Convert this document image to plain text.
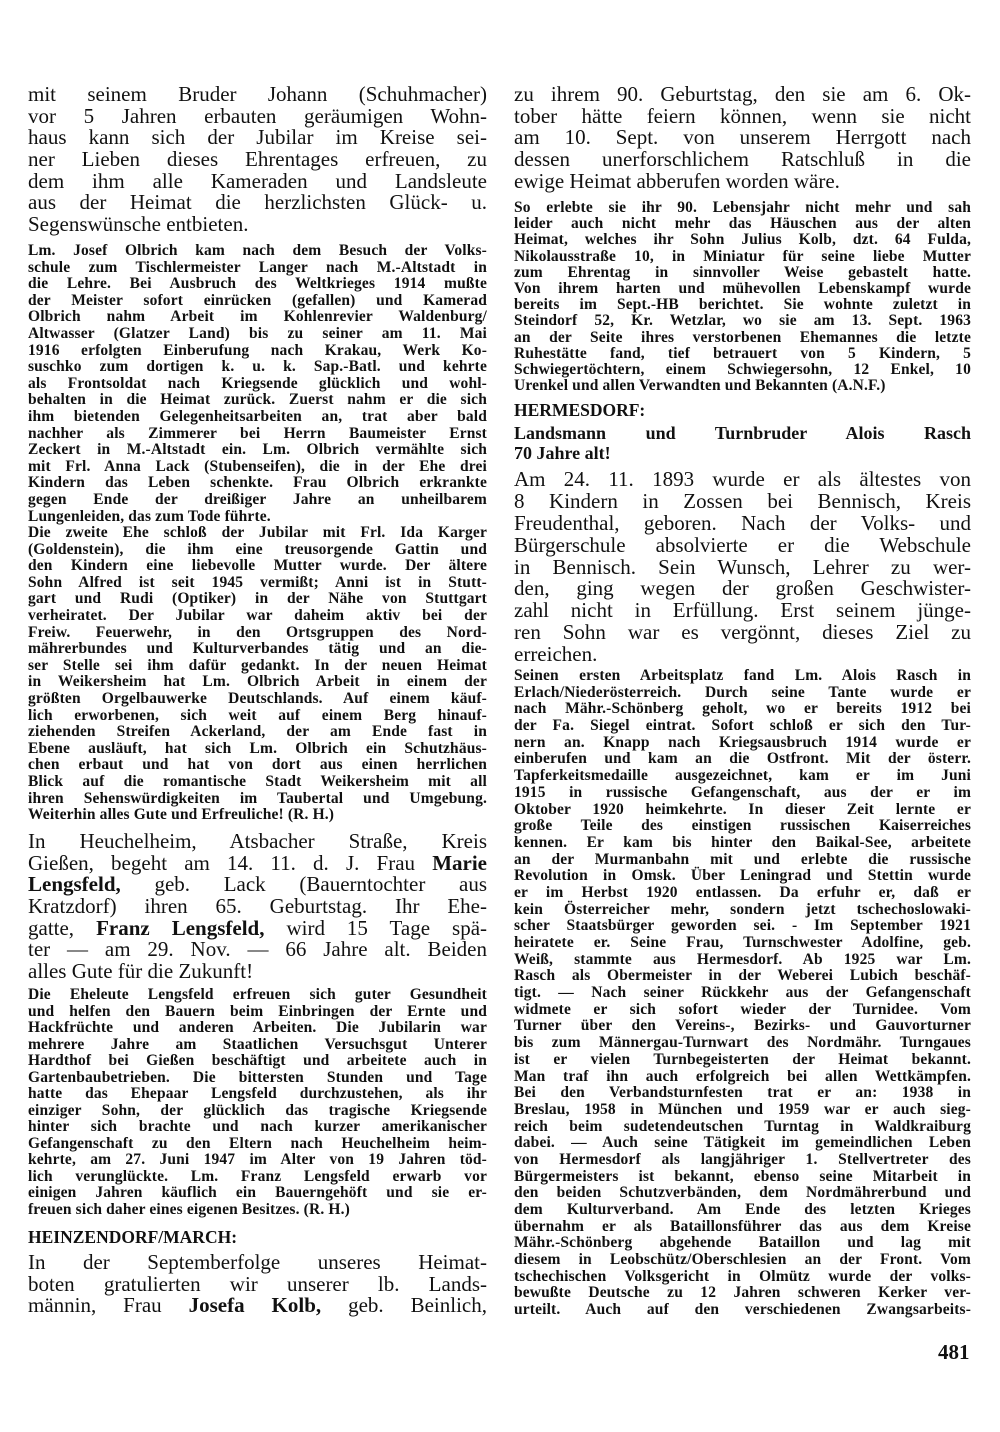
mit seinem Bruder Johann (Schuhmacher)
vor 5 Jahren erbauten geräumigen Wohn-
haus kann sich der Jubilar im Kreise sei-
ner Lieben dieses Ehrentages erfreuen, zu
dem ihm alle Kameraden und Landsleute
aus der Heimat die herzlichsten Glück- u.
Segenswünsche entbieten.
Lm. Josef Olbrich kam nach dem Besuch der Volks-
schule zum Tischlermeister Langer nach M.-Altstadt in
die Lehre. Bei Ausbruch des Weltkrieges 1914 mußte
der Meister sofort einrücken (gefallen) und Kamerad
Olbrich nahm Arbeit im Kohlenrevier Waldenburg/
Altwasser (Glatzer Land) bis zu seiner am 11. Mai
1916 erfolgten Einberufung nach Krakau, Werk Ko-
suschko zum dortigen k. u. k. Sap.-Batl. und kehrte
als Frontsoldat nach Kriegsende glücklich und wohl-
behalten in die Heimat zurück. Zuerst nahm er die sich
ihm bietenden Gelegenheitsarbeiten an, trat aber bald
nachher als Zimmerer bei Herrn Baumeister Ernst
Zeckert in M.-Altstadt ein. Lm. Olbrich vermählte sich
mit Frl. Anna Lack (Stubenseifen), die in der Ehe drei
Kindern das Leben schenkte. Frau Olbrich erkrankte
gegen Ende der dreißiger Jahre an unheilbarem
Lungenleiden, das zum Tode führte.
Die zweite Ehe schloß der Jubilar mit Frl. Ida Karger
(Goldenstein), die ihm eine treusorgende Gattin und
den Kindern eine liebevolle Mutter wurde. Der ältere
Sohn Alfred ist seit 1945 vermißt; Anni ist in Stutt-
gart und Rudi (Optiker) in der Nähe von Stuttgart
verheiratet. Der Jubilar war daheim aktiv bei der
Freiw. Feuerwehr, in den Ortsgruppen des Nord-
mährerbundes und Kulturverbandes tätig und an die-
ser Stelle sei ihm dafür gedankt. In der neuen Heimat
in Weikersheim hat Lm. Olbrich Arbeit in einem der
größten Orgelbauwerke Deutschlands. Auf einem käuf-
lich erworbenen, sich weit auf einem Berg hinauf-
ziehenden Streifen Ackerland, der am Ende fast in
Ebene ausläuft, hat sich Lm. Olbrich ein Schutzhäus-
chen erbaut und hat von dort aus einen herrlichen
Blick auf die romantische Stadt Weikersheim mit all
ihren Sehenswürdigkeiten im Taubertal und Umgebung.
Weiterhin alles Gute und Erfreuliche! (R. H.)
In Heuchelheim, Atsbacher Straße, Kreis
Gießen, begeht am 14. 11. d. J. Frau Marie
Lengsfeld, geb. Lack (Bauerntochter aus
Kratzdorf) ihren 65. Geburtstag. Ihr Ehe-
gatte, Franz Lengsfeld, wird 15 Tage spä-
ter — am 29. Nov. — 66 Jahre alt. Beiden
alles Gute für die Zukunft!
Die Eheleute Lengsfeld erfreuen sich guter Gesundheit
und helfen den Bauern beim Einbringen der Ernte und
Hackfrüchte und anderen Arbeiten. Die Jubilarin war
mehrere Jahre am Staatlichen Versuchsgut Unterer
Hardthof bei Gießen beschäftigt und arbeitete auch in
Gartenbaubetrieben. Die bittersten Stunden und Tage
hatte das Ehepaar Lengsfeld durchzustehen, als ihr
einziger Sohn, der glücklich das tragische Kriegsende
hinter sich brachte und nach kurzer amerikanischer
Gefangenschaft zu den Eltern nach Heuchelheim heim-
kehrte, am 27. Juni 1947 im Alter von 19 Jahren töd-
lich verunglückte. Lm. Franz Lengsfeld erwarb vor
einigen Jahren käuflich ein Bauerngehöft und sie er-
freuen sich daher eines eigenen Besitzes. (R. H.)
HEINZENDORF/MARCH:
In der Septemberfolge unseres Heimat-
boten gratulierten wir unserer lb. Lands-
männin, Frau Josefa Kolb, geb. Beinlich,
zu ihrem 90. Geburtstag, den sie am 6. Ok-
tober hätte feiern können, wenn sie nicht
am 10. Sept. von unserem Herrgott nach
dessen unerforschlichem Ratschluß in die
ewige Heimat abberufen worden wäre.
So erlebte sie ihr 90. Lebensjahr nicht mehr und sah
leider auch nicht mehr das Häuschen aus der alten
Heimat, welches ihr Sohn Julius Kolb, dzt. 64 Fulda,
Nikolausstraße 10, in Miniatur für seine liebe Mutter
zum Ehrentag in sinnvoller Weise gebastelt hatte.
Von ihrem harten und mühevollen Lebenskampf wurde
bereits im Sept.-HB berichtet. Sie wohnte zuletzt in
Steindorf 52, Kr. Wetzlar, wo sie am 13. Sept. 1963
an der Seite ihres verstorbenen Ehemannes die letzte
Ruhestätte fand, tief betrauert von 5 Kindern, 5
Schwiegertöchtern, einem Schwiegersohn, 12 Enkel, 10
Urenkel und allen Verwandten und Bekannten (A.N.F.)
HERMESDORF:
Landsmann und Turnbruder Alois Rasch
70 Jahre alt!
Am 24. 11. 1893 wurde er als ältestes von
8 Kindern in Zossen bei Bennisch, Kreis
Freudenthal, geboren. Nach der Volks- und
Bürgerschule absolvierte er die Webschule
in Bennisch. Sein Wunsch, Lehrer zu wer-
den, ging wegen der großen Geschwister-
zahl nicht in Erfüllung. Erst seinem jünge-
ren Sohn war es vergönnt, dieses Ziel zu
erreichen.
Seinen ersten Arbeitsplatz fand Lm. Alois Rasch in
Erlach/Niederösterreich. Durch seine Tante wurde er
nach Mähr.-Schönberg geholt, wo er bereits 1912 bei
der Fa. Siegel eintrat. Sofort schloß er sich den Tur-
nern an. Knapp nach Kriegsausbruch 1914 wurde er
einberufen und kam an die Ostfront. Mit der österr.
Tapferkeitsmedaille ausgezeichnet, kam er im Juni
1915 in russische Gefangenschaft, aus der er im
Oktober 1920 heimkehrte. In dieser Zeit lernte er
große Teile des einstigen russischen Kaiserreiches
kennen. Er kam bis hinter den Baikal-See, arbeitete
an der Murmanbahn mit und erlebte die russische
Revolution in Omsk. Über Leningrad und Stettin wurde
er im Herbst 1920 entlassen. Da erfuhr er, daß er
kein Österreicher mehr, sondern jetzt tschechoslowaki-
scher Staatsbürger geworden sei. - Im September 1921
heiratete er. Seine Frau, Turnschwester Adolfine, geb.
Weiß, stammte aus Hermesdorf. Ab 1925 war Lm.
Rasch als Obermeister in der Weberei Lubich beschäf-
tigt. — Nach seiner Rückkehr aus der Gefangenschaft
widmete er sich sofort wieder der Turnidee. Vom
Turner über den Vereins-, Bezirks- und Gauvorturner
bis zum Männergau-Turnwart des Nordmähr. Turngaues
ist er vielen Turnbegeisterten der Heimat bekannt.
Man traf ihn auch erfolgreich bei allen Wettkämpfen.
Bei den Verbandsturnfesten trat er an: 1938 in
Breslau, 1958 in München und 1959 war er auch sieg-
reich beim sudetendeutschen Turntag in Waldkraiburg
dabei. — Auch seine Tätigkeit im gemeindlichen Leben
von Hermesdorf als langjähriger 1. Stellvertreter des
Bürgermeisters ist bekannt, ebenso seine Mitarbeit in
den beiden Schutzverbänden, dem Nordmährerbund und
dem Kulturverband. Am Ende des letzten Krieges
übernahm er als Bataillonsführer das aus dem Kreise
Mähr.-Schönberg abgehende Bataillon und lag mit
diesem in Leobschütz/Oberschlesien an der Front. Vom
tschechischen Volksgericht in Olmütz wurde der volks-
bewußte Deutsche zu 12 Jahren schweren Kerker ver-
urteilt. Auch auf den verschiedenen Zwangsarbeits-
481
